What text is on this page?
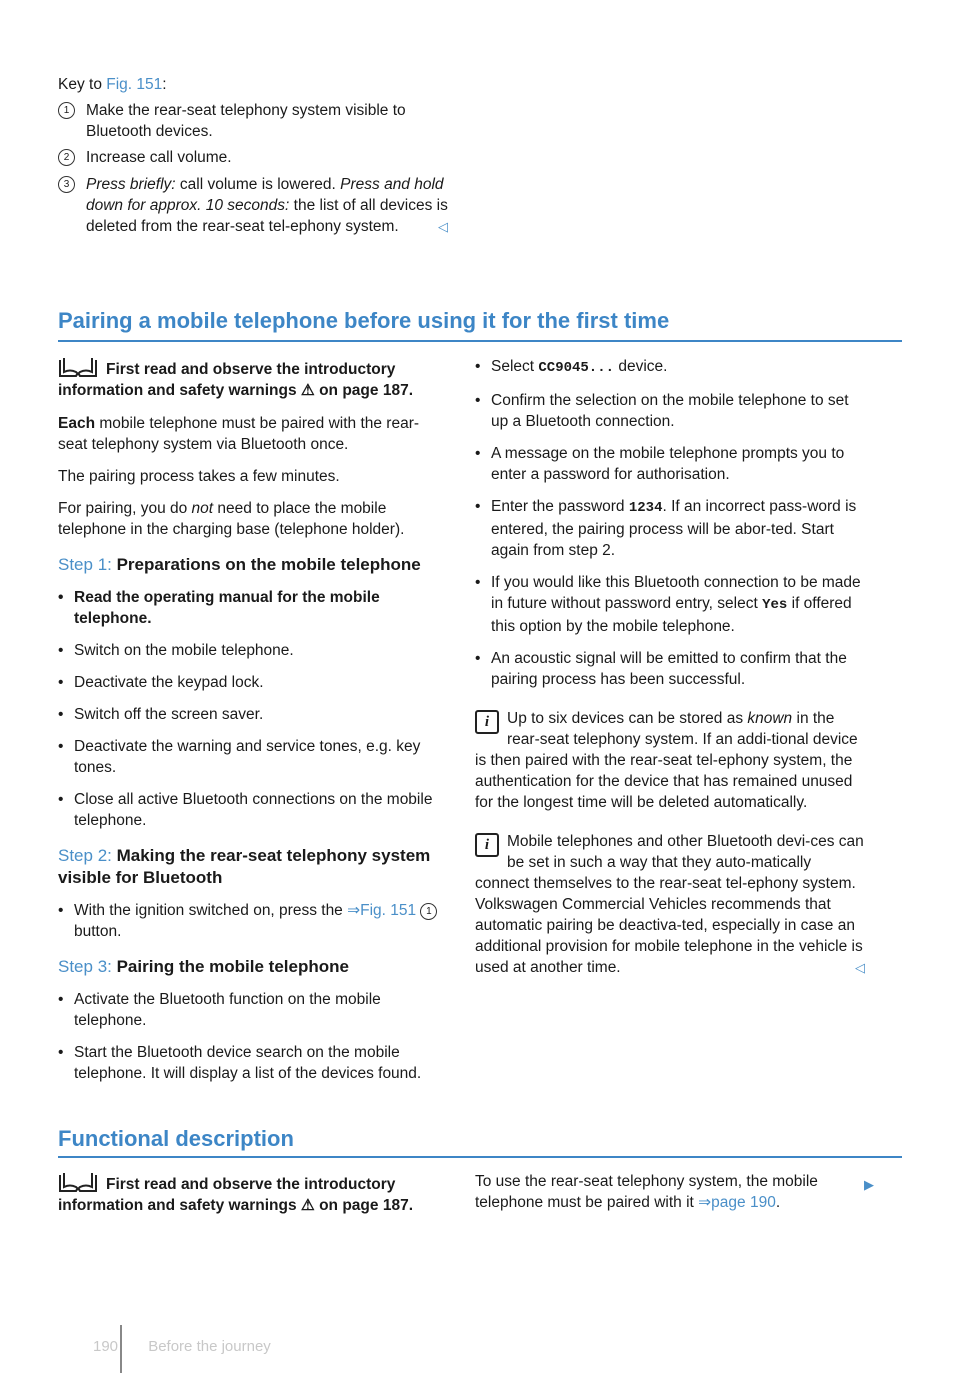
Key to Fig. 151:

1	Make the rear-seat telephony system visible to Bluetooth devices.

2	Increase call volume.

3	Press briefly: call volume is lowered. Press and hold down for approx. 10 seconds: the list of all devices is deleted from the rear-seat tel-ephony system.	◁

Pairing a mobile telephone before using it for the first time
First read and observe the introductory information and safety warnings ⚠ on page 187.

Each mobile telephone must be paired with the rear-seat telephony system via Bluetooth once.

The pairing process takes a few minutes.

For pairing, you do not need to place the mobile telephone in the charging base (telephone holder).

Step 1: Preparations on the mobile telephone

• Read the operating manual for the mobile telephone.

• Switch on the mobile telephone.

• Deactivate the keypad lock.

• Switch off the screen saver.

• Deactivate the warning and service tones, e.g. key tones.

• Close all active Bluetooth connections on the mobile telephone.

Step 2: Making the rear-seat telephony system visible for Bluetooth

• With the ignition switched on, press the ⇒Fig. 151 1 button.

Step 3: Pairing the mobile telephone

• Activate the Bluetooth function on the mobile telephone.

• Start the Bluetooth device search on the mobile telephone. It will display a list of the devices found.

• Select CC9045... device.

• Confirm the selection on the mobile telephone to set up a Bluetooth connection.

• A message on the mobile telephone prompts you to enter a password for authorisation.

• Enter the password 1234. If an incorrect pass-word is entered, the pairing process will be abor-ted. Start again from step 2.

• If you would like this Bluetooth connection to be made in future without password entry, select Yes if offered this option by the mobile telephone.

• An acoustic signal will be emitted to confirm that the pairing process has been successful.

i	Up to six devices can be stored as known in the rear-seat telephony system. If an addi-tional device is then paired with the rear-seat tel-ephony system, the authentication for the device that has remained unused for the longest time will be deleted automatically.
i	Mobile telephones and other Bluetooth devi-ces can be set in such a way that they auto-matically connect themselves to the rear-seat tel-ephony system. Volkswagen Commercial Vehicles recommends that automatic pairing be deactiva-ted, especially in case an additional provision for mobile telephone in the vehicle is used at another time.	◁
Functional description
First read and observe the introductory information and safety warnings ⚠ on page 187.

To use the rear-seat telephony system, the mobile telephone must be paired with it ⇒page 190.

▶
190 Before the journey
